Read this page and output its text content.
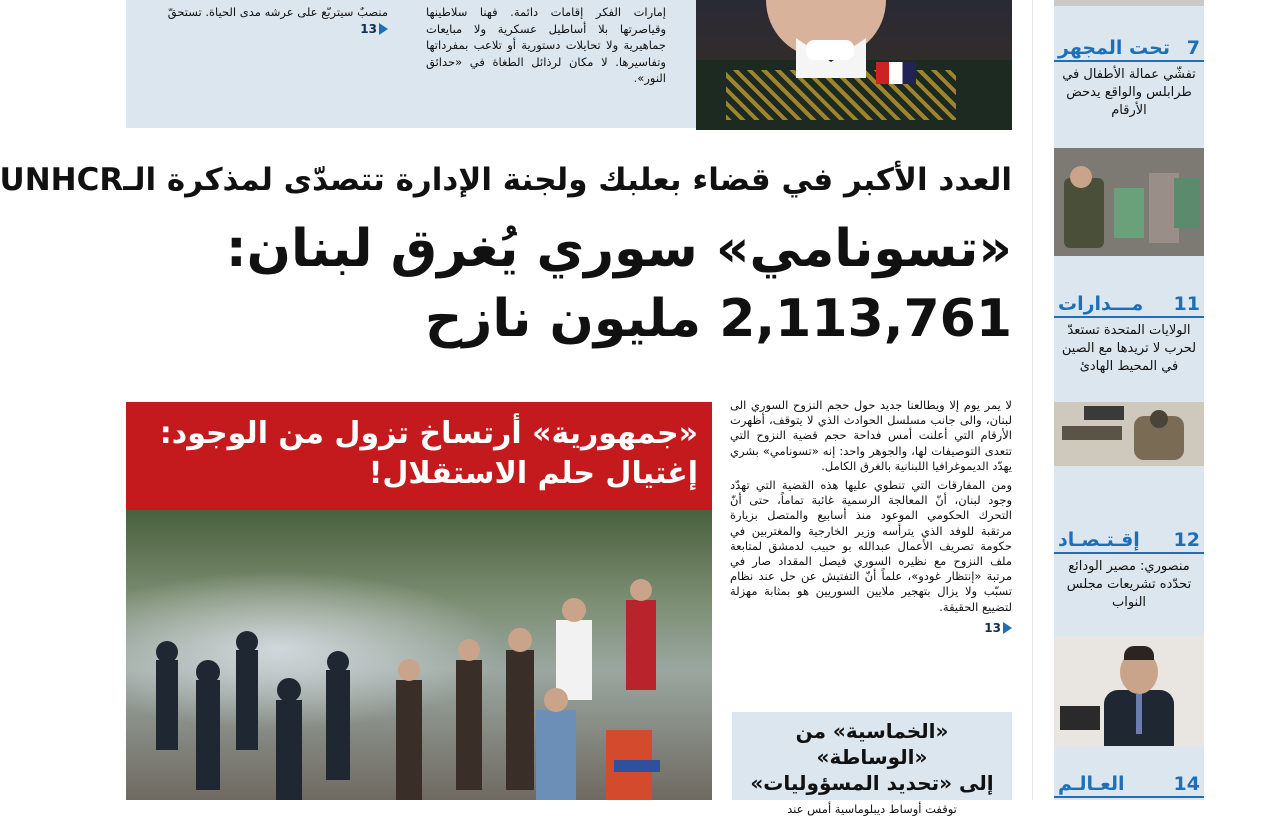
إمارات الفكر إقامات دائمة. فهنا سلاطينها وقياصرتها بلا أساطيل عسكرية ولا مبايعات جماهيرية ولا تحايلات دستورية أو تلاعب بمفرداتها وتفاسيرها. لا مكان لرذائل الطغاة في «حدائق النور».

منصبٌ سيتربّع على عرشه مدى الحياة. تستحقّ

13
العدد الأكبر في قضاء بعلبك ولجنة الإدارة تتصدّى لمذكرة الـUNHCR
«تسونامي» سوري يُغرق لبنان:
2,113,761 مليون نازح

لا يمر يوم إلا ويطالعنا جديد حول حجم النزوح السوري الى لبنان، والى جانب مسلسل الحوادث الذي لا يتوقف، أظهرت الأرقام التي أعلنت أمس فداحة حجم قضية النزوح التي تتعدى التوصيفات لها، والجوهر واحد: إنه «تسونامي» بشري يهدّد الديموغرافيا اللبنانية بالغرق الكامل.

ومن المفارقات التي تنطوي عليها هذه القضية التي تهدّد وجود لبنان، أنّ المعالجة الرسمية غائبة تماماً، حتى أنّ التحرك الحكومي الموعود منذ أسابيع والمتصل بزيارة مرتقبة للوفد الذي يترأسه وزير الخارجية والمغتربين في حكومة تصريف الأعمال عبدالله بو حبيب لدمشق لمتابعة ملف النزوح مع نظيره السوري فيصل المقداد صار في مرتبة «إنتظار غودو»، علماً أنّ التفتيش عن حل عند نظام تسبّب ولا يزال بتهجير ملايين السوريين هو بمثابة مهزلة لتضييع الحقيقة.

13
«جمهورية» أرتساخ تزول من الوجود:
إغتيال حلم الاستقلال!
«الخماسية» من «الوساطة»
إلى «تحديد المسؤوليات»
توقفت أوساط ديبلوماسية أمس عند
7
تحت المجهر
تفشّي عمالة الأطفال في طرابلس والواقع يدحض الأرقام
11
مـــدارات
الولايات المتحدة تستعدّ لحرب لا تريدها مع الصين في المحيط الهادئ
12
إقـتـصـاد
منصوري: مصير الودائع تحدّده تشريعات مجلس النواب
14
العـالـم
